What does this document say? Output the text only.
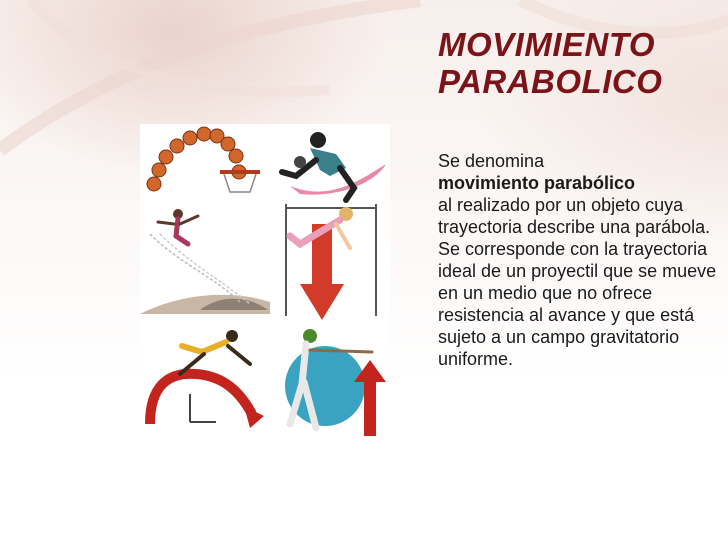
MOVIMIENTO
PARABOLICO
Se denomina
movimiento parabólico
al realizado por un objeto cuya trayectoria describe una parábola. Se corresponde con la trayectoria ideal de un proyectil que se mueve en un medio que no ofrece resistencia al avance y que está sujeto a un campo gravitatorio uniforme.
